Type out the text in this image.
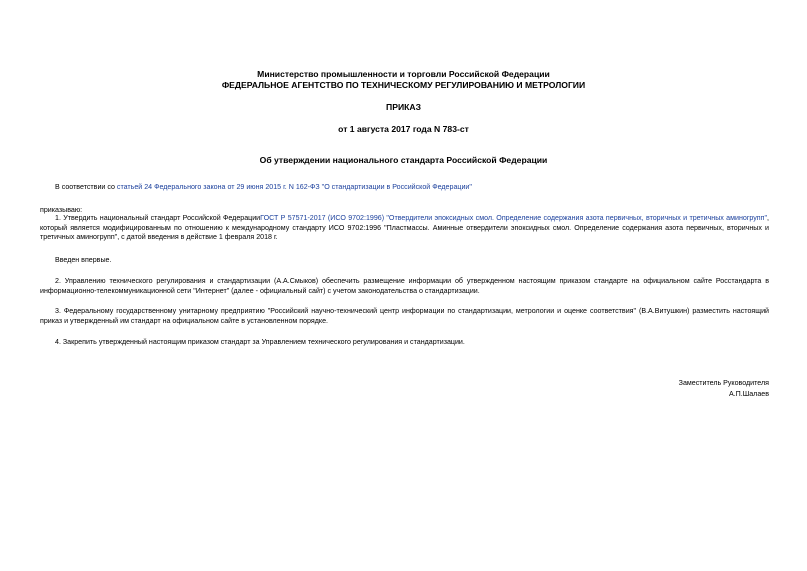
Министерство промышленности и торговли Российской Федерации
ФЕДЕРАЛЬНОЕ АГЕНТСТВО ПО ТЕХНИЧЕСКОМУ РЕГУЛИРОВАНИЮ И МЕТРОЛОГИИ
ПРИКАЗ
от 1 августа 2017 года N 783-ст
Об утверждении национального стандарта Российской Федерации
В соответствии со статьей 24 Федерального закона от 29 июня 2015 г. N 162-ФЗ "О стандартизации в Российской Федерации"
приказываю:
1. Утвердить национальный стандарт Российской ФедерацииГОСТ Р 57571-2017 (ИСО 9702:1996) "Отвердители эпоксидных смол. Определение содержания азота первичных, вторичных и третичных аминогрупп", который является модифицированным по отношению к международному стандарту ИСО 9702:1996 "Пластмассы. Аминные отвердители эпоксидных смол. Определение содержания азота первичных, вторичных и третичных аминогрупп", с датой введения в действие 1 февраля 2018 г.
Введен впервые.
2. Управлению технического регулирования и стандартизации (А.А.Смыков) обеспечить размещение информации об утвержденном настоящим приказом стандарте на официальном сайте Росстандарта в информационно-телекоммуникационной сети "Интернет" (далее - официальный сайт) с учетом законодательства о стандартизации.
3. Федеральному государственному унитарному предприятию "Российский научно-технический центр информации по стандартизации, метрологии и оценке соответствия" (В.А.Витушкин) разместить настоящий приказ и утвержденный им стандарт на официальном сайте в установленном порядке.
4. Закрепить утвержденный настоящим приказом стандарт за Управлением технического регулирования и стандартизации.
Заместитель Руководителя
А.П.Шалаев
